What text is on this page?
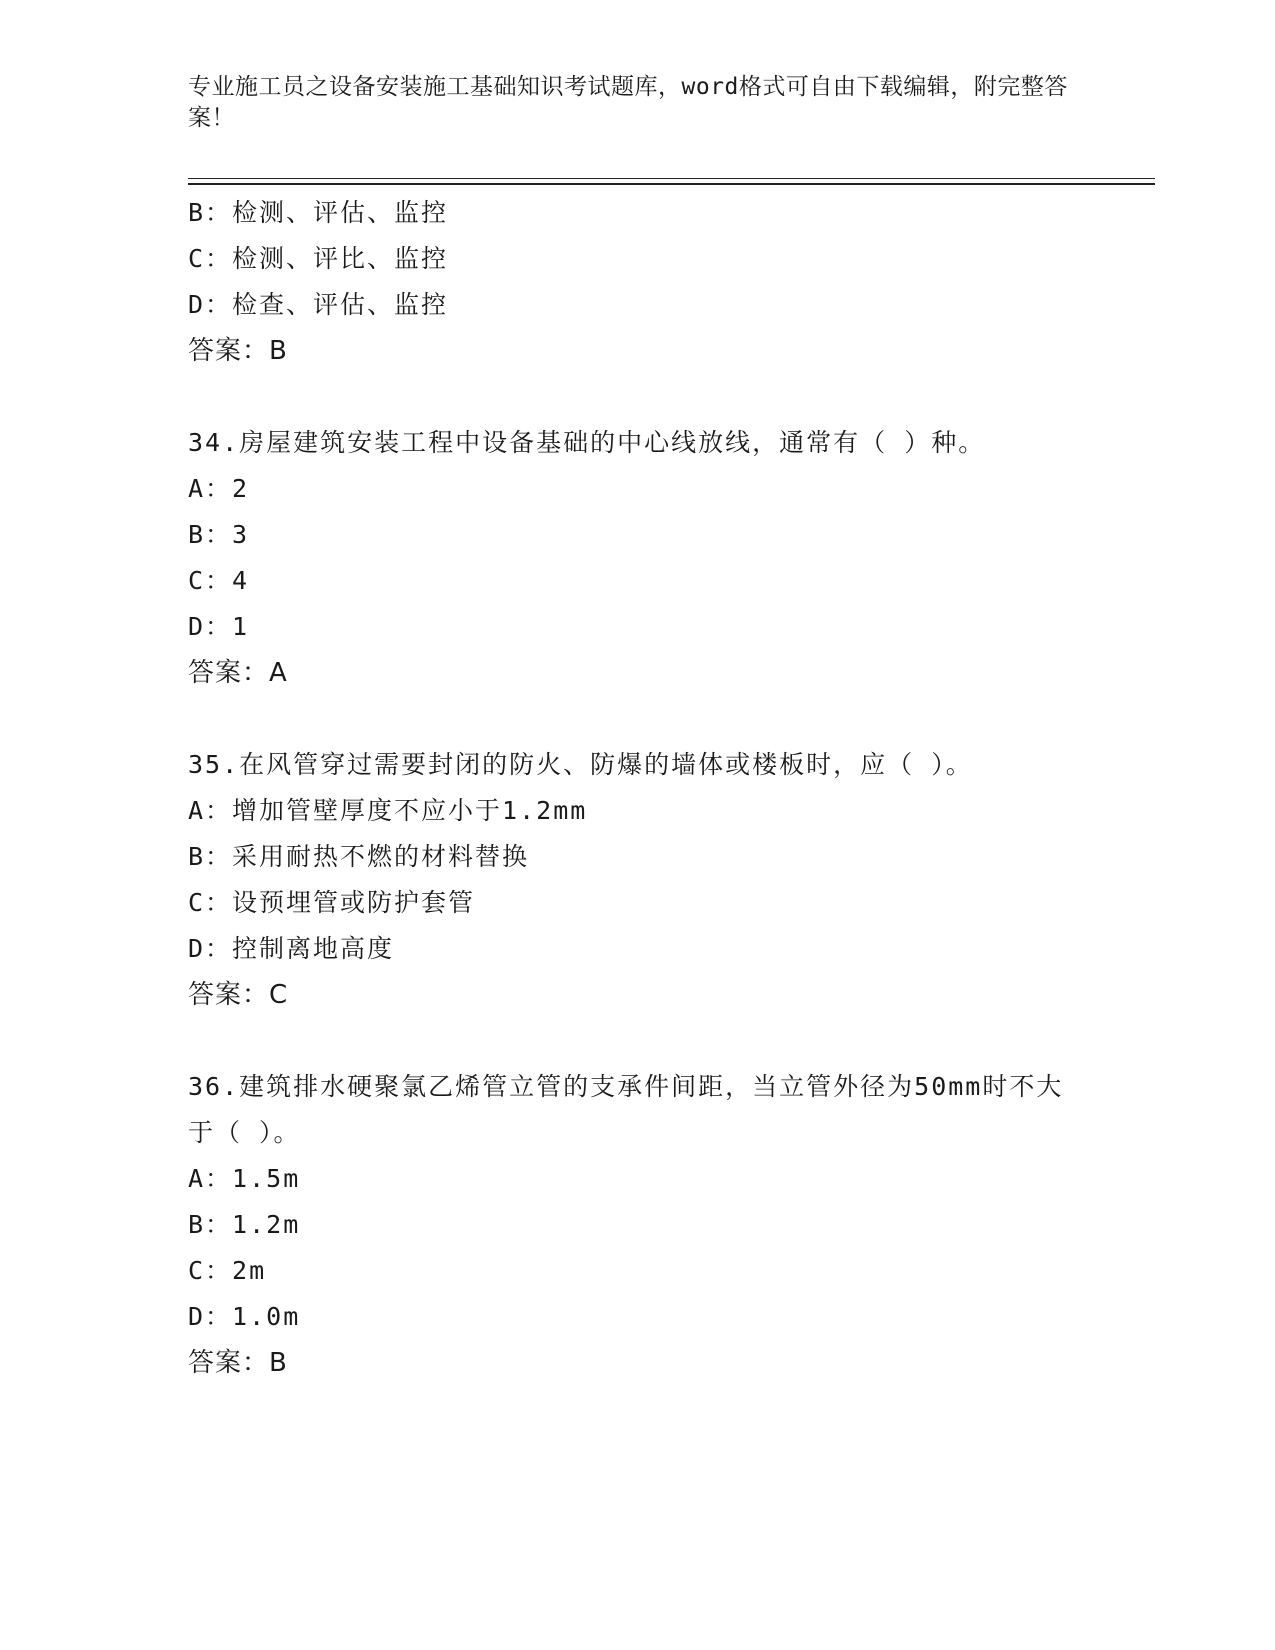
专业施工员之设备安装施工基础知识考试题库，word格式可自由下载编辑，附完整答案！
B：检测、评估、监控
C：检测、评比、监控
D：检查、评估、监控
答案：B
34.房屋建筑安装工程中设备基础的中心线放线，通常有（ ）种。
A：2
B：3
C：4
D：1
答案：A
35.在风管穿过需要封闭的防火、防爆的墙体或楼板时，应（ ）。
A：增加管壁厚度不应小于1.2mm
B：采用耐热不燃的材料替换
C：设预埋管或防护套管
D：控制离地高度
答案：C
36.建筑排水硬聚氯乙烯管立管的支承件间距，当立管外径为50mm时不大于（ ）。
A：1.5m
B：1.2m
C：2m
D：1.0m
答案：B
